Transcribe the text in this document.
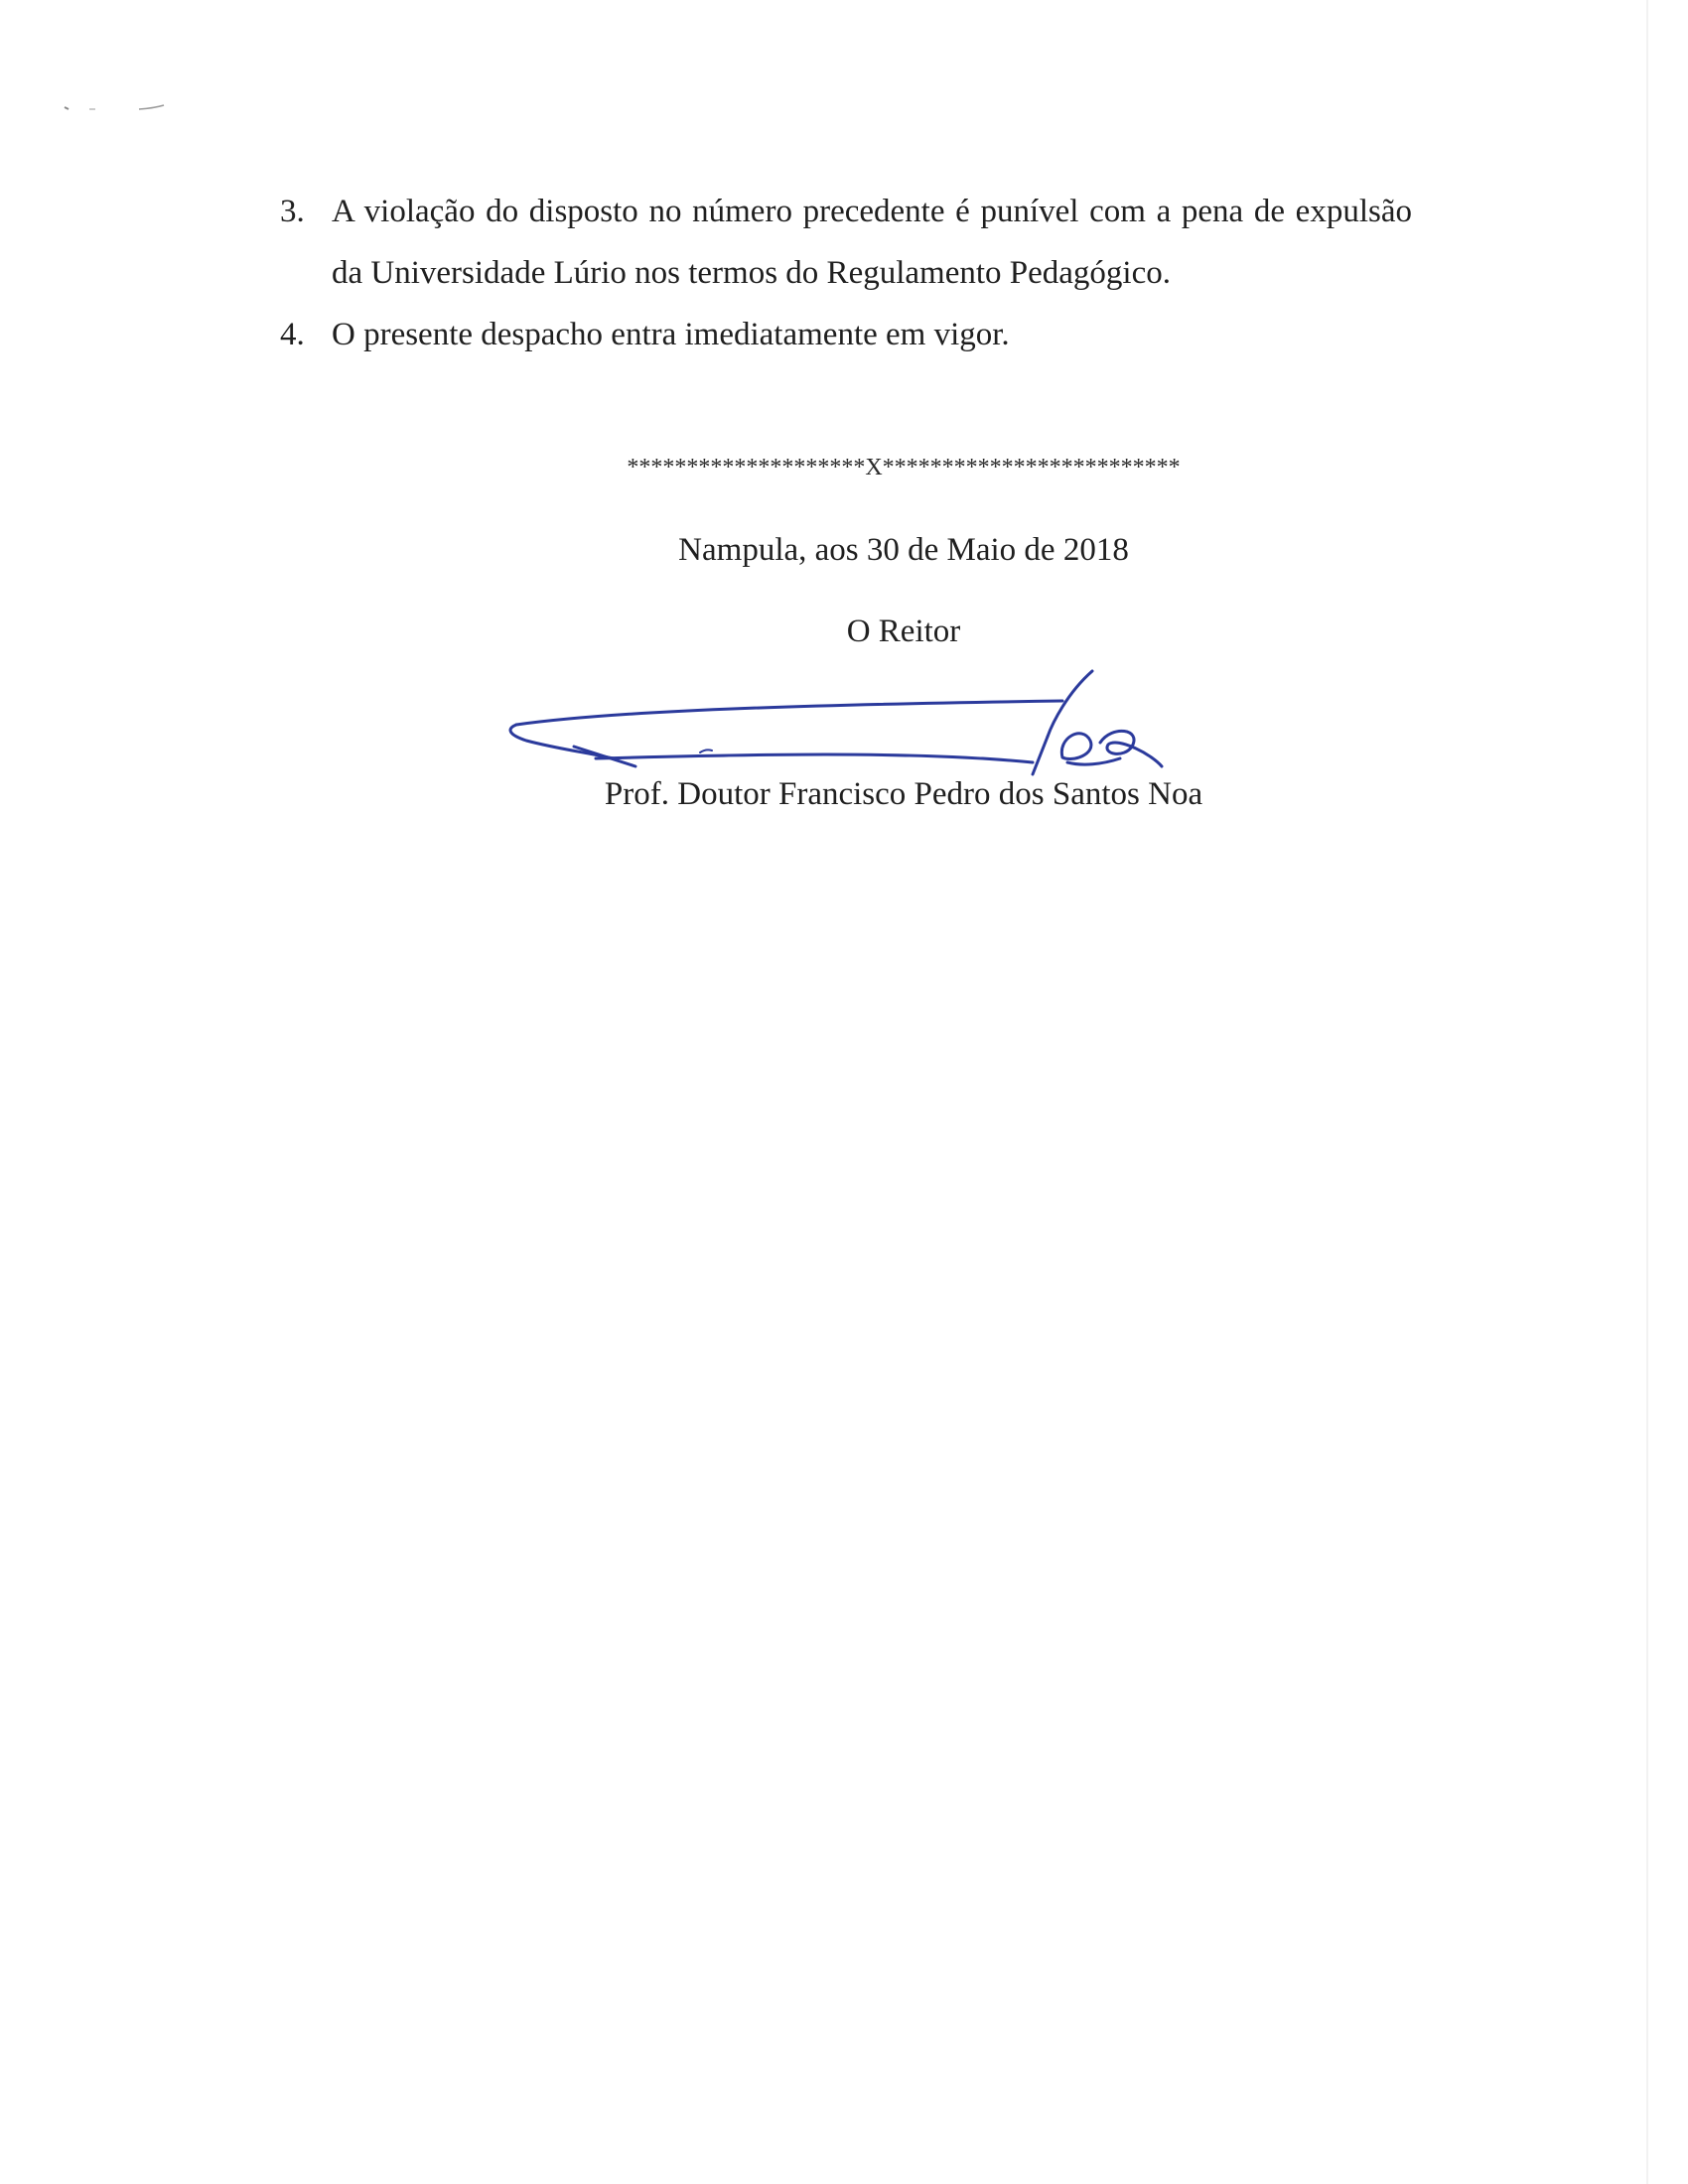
3. A violação do disposto no número precedente é punível com a pena de expulsão da Universidade Lúrio nos termos do Regulamento Pedagógico.
4. O presente despacho entra imediatamente em vigor.
********************X*************************
Nampula, aos 30 de Maio de 2018
O Reitor
Prof. Doutor Francisco Pedro dos Santos Noa
